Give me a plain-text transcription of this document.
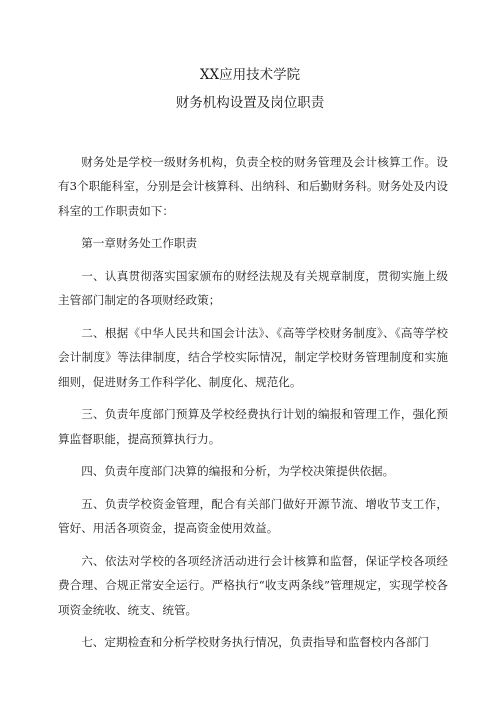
XX应用技术学院
财务机构设置及岗位职责

财务处是学校一级财务机构，负责全校的财务管理及会计核算工作。设有3个职能科室，分别是会计核算科、出纳科、和后勤财务科。财务处及内设科室的工作职责如下：

第一章财务处工作职责

一、认真贯彻落实国家颁布的财经法规及有关规章制度，贯彻实施上级主管部门制定的各项财经政策；

二、根据《中华人民共和国会计法》、《高等学校财务制度》、《高等学校会计制度》等法律制度，结合学校实际情况，制定学校财务管理制度和实施细则，促进财务工作科学化、制度化、规范化。

三、负责年度部门预算及学校经费执行计划的编报和管理工作，强化预算监督职能，提高预算执行力。

四、负责年度部门决算的编报和分析，为学校决策提供依据。

五、负责学校资金管理，配合有关部门做好开源节流、增收节支工作，管好、用活各项资金，提高资金使用效益。

六、依法对学校的各项经济活动进行会计核算和监督，保证学校各项经费合理、合规正常安全运行。严格执行“收支两条线”管理规定，实现学校各项资金统收、统支、统管。

七、定期检查和分析学校财务执行情况，负责指导和监督校内各部门
